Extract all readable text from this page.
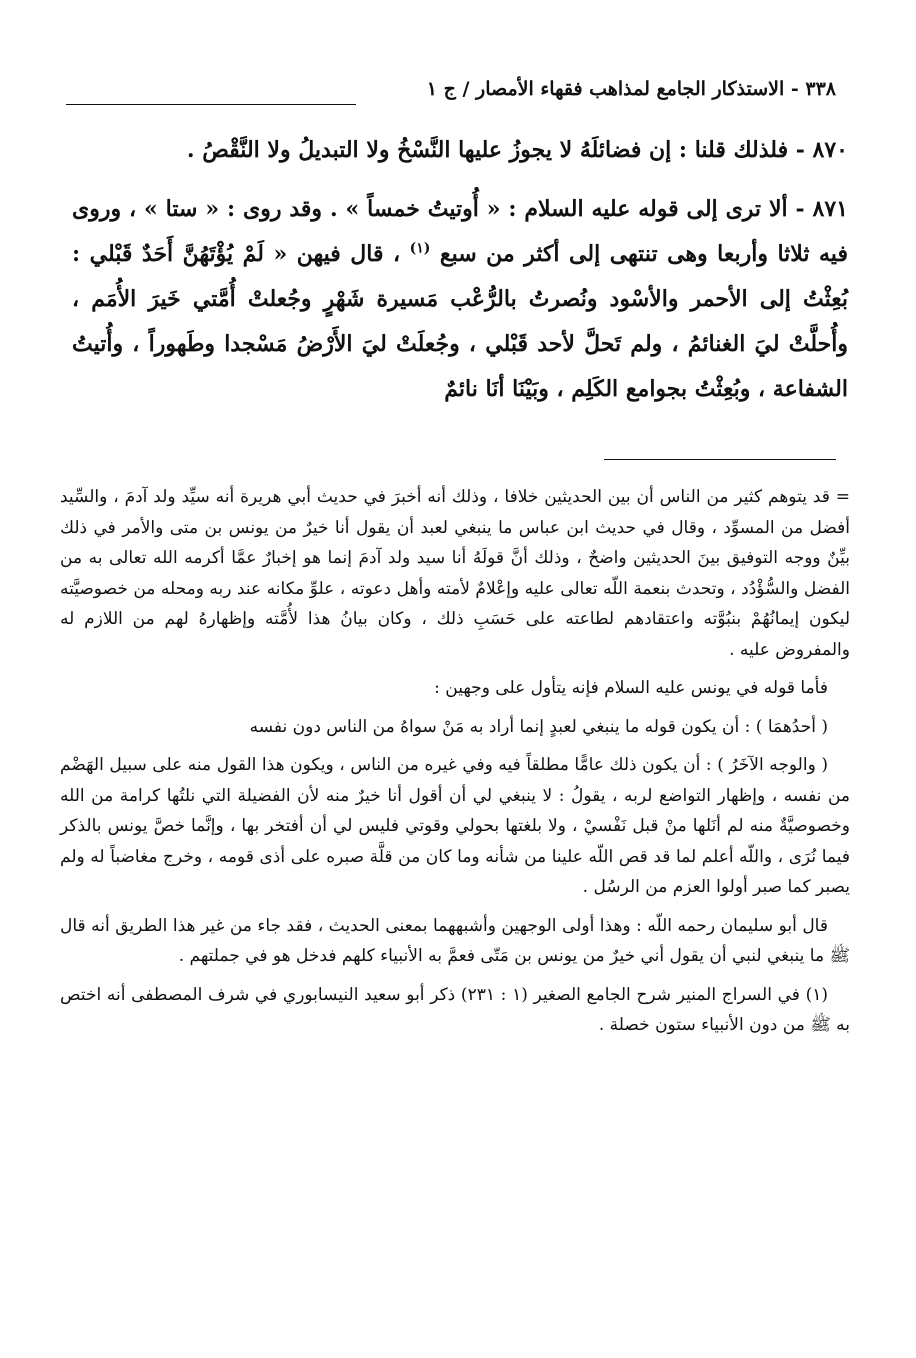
٣٣٨ - الاستذكار الجامع لمذاهب فقهاء الأمصار / ج ١

٨٧٠ - فلذلك قلنا : إن فضائلَهُ لا يجوزُ عليها النَّسْخُ ولا التبديلُ ولا النَّقْصُ .

٨٧١ - ألا ترى إلى قوله عليه السلام : « أُوتيتُ خمساً » . وقد روى : « ستا » ، وروى فيه ثلاثا وأربعا وهى تنتهى إلى أكثر من سبع $^{(١)}$ ، قال فيهن « لَمْ يُؤْتَهُنَّ أَحَدٌ قَبْلي : بُعِثْتُ إلى الأحمر والأسْود ونُصرتُ بالرُّعْب مَسيرة شَهْرٍ وجُعلتْ أُمَّتي خَيرَ الأُمَم ، وأُحلَّتْ ليَ الغنائمُ ، ولم تَحلَّ لأحد قَبْلي ، وجُعلَتْ ليَ الأَرْضُ مَسْجدا وطَهوراً ، وأُتيتُ الشفاعة ، وبُعِثْتُ بجوامع الكَلِم ، وبَيْنَا أنَا نائمٌ

= قد يتوهم كثير من الناس أن بين الحديثين خلافا ، وذلك أنه أخبرَ في حديث أبي هريرة أنه سيِّد ولد آدمَ ، والسِّيد أفضل من المسوِّد ، وقال في حديث ابن عباس ما ينبغي لعبد أن يقول أنا خيرٌ من يونس بن متى والأمر في ذلك بيِّنٌ ووجه التوفيق بينَ الحديثين واضحٌ ، وذلك أنَّ قولَهُ أنا سيد ولد آدمَ إنما هو إخبارٌ عمَّا أكرمه الله تعالى به من الفضل والسُّؤْدُد ، وتحدث بنعمة اللّه تعالى عليه وإعْلامٌ لأمته وأهل دعوته ، علوِّ مكانه عند ربه ومحله من خصوصيَّته ليكون إيمانُهُمْ بنبُوَّته واعتقادهم لطاعته على حَسَبِ ذلك ، وكان بيانُ هذا لأُمَّته وإظهارهُ لهم من اللازم له والمفروض عليه .

فأما قوله في يونس عليه السلام فإنه يتأول على وجهين :

( أحدُهمَا ) : أن يكون قوله ما ينبغي لعبدٍ إنما أراد به مَنْ سواهُ من الناس دون نفسه

( والوجه الآخَرُ ) : أن يكون ذلك عامًّا مطلقاً فيه وفي غيره من الناس ، ويكون هذا القول منه على سبيل الهَضْم من نفسه ، وإظهار التواضع لربه ، يقولُ : لا ينبغي لي أن أقول أنا خيرٌ منه لأن الفضيلة التي نلتُها كرامة من الله وخصوصيَّةٌ منه لم أنَلها منْ قبل نَفْسيْ ، ولا بلغتها بحولي وقوتي فليس لي أن أفتخر بها ، وإنَّما خصَّ يونس بالذكر فيما نُرَى ، واللّه أعلم لما قد قص اللّه علينا من شأنه وما كان من قلَّة صبره على أذى قومه ، وخرج مغاضباً له ولم يصبر كما صبر أولوا العزم من الرسُل .

قال أبو سليمان رحمه اللّه : وهذا أولى الوجهين وأشبههما بمعنى الحديث ، فقد جاء من غير هذا الطريق أنه قال ﷺ ما ينبغي لنبي أن يقول أني خيرٌ من يونس بن مَتّى فعمَّ به الأنبياء كلهم فدخل هو في جملتهم .

(١) في السراج المنير شرح الجامع الصغير (١ : ٢٣١) ذكر أبو سعيد النيسابوري في شرف المصطفى أنه اختص به ﷺ من دون الأنبياء ستون خصلة .
